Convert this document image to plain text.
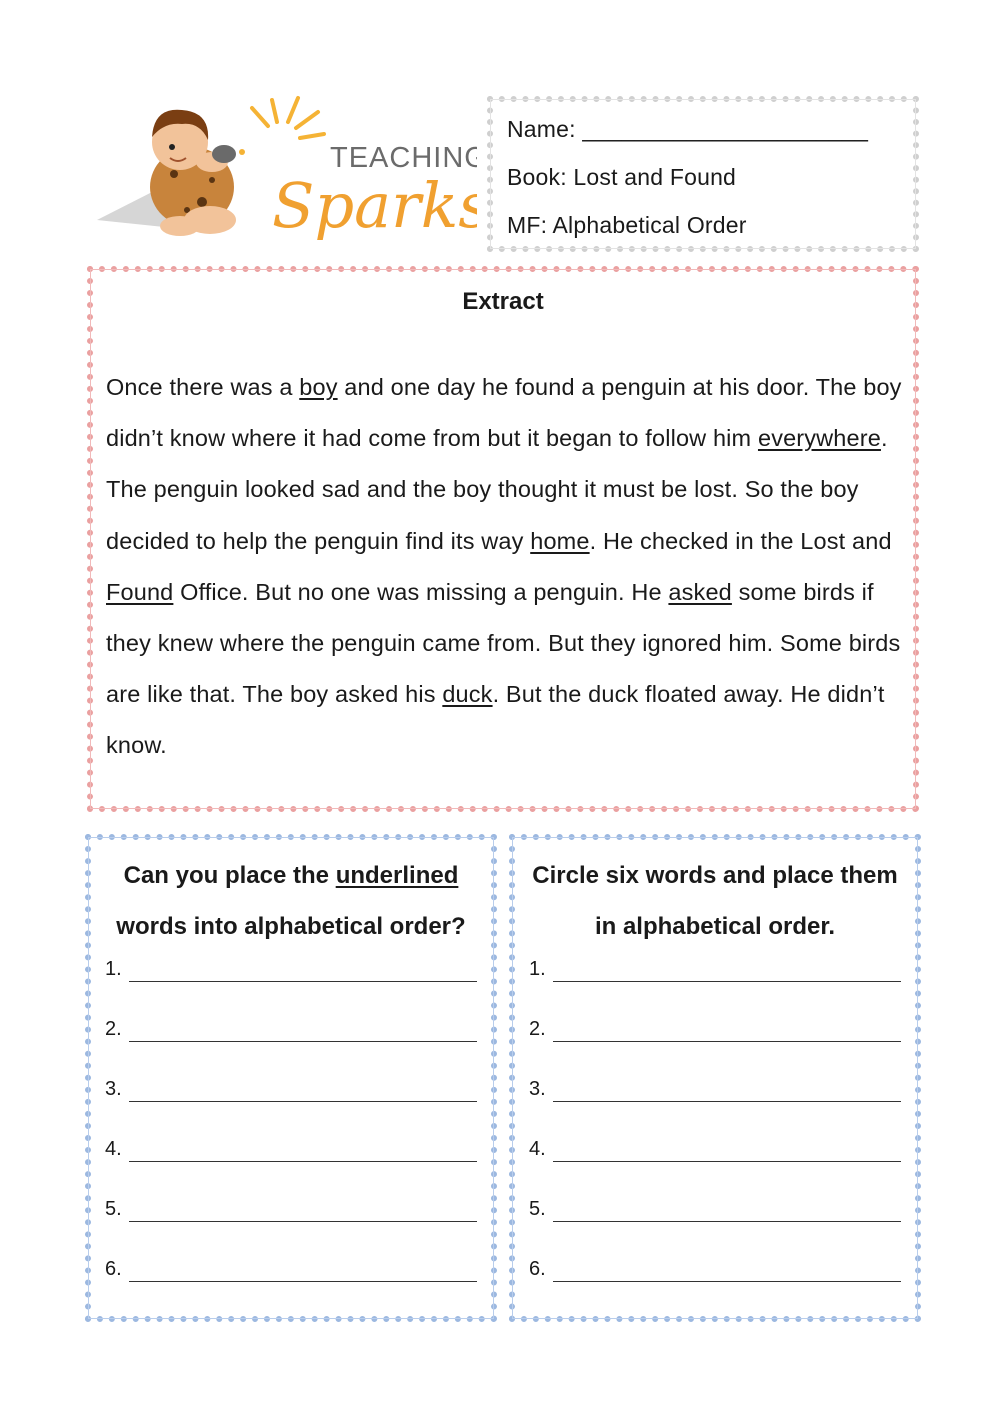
TEACHING
Sparks
Name: ______________________
Book: Lost and Found
MF: Alphabetical Order
Extract
Once there was a boy and one day he found a penguin at his door. The boy didn’t know where it had come from but it began to follow him everywhere. The penguin looked sad and the boy thought it must be lost. So the boy decided to help the penguin find its way home. He checked in the Lost and Found Office. But no one was missing a penguin. He asked some birds if they knew where the penguin came from. But they ignored him. Some birds are like that. The boy asked his duck. But the duck floated away. He didn’t know.
Can you place the underlined words into alphabetical order?
1.
2.
3.
4.
5.
6.
Circle six words and place them in alphabetical order.
1.
2.
3.
4.
5.
6.
